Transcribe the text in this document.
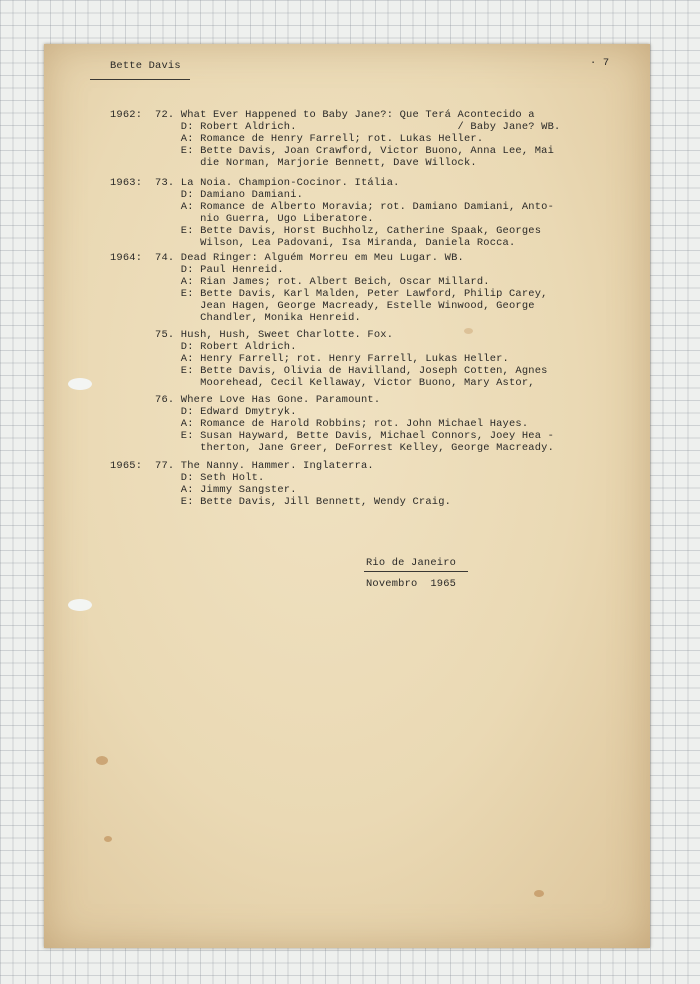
Bette Davis	· 7
1962:  72. What Ever Happened to Baby Jane?: Que Terá Acontecido a
D: Robert Aldrich.                         / Baby Jane? WB.
A: Romance de Henry Farrell; rot. Lukas Heller.
E: Bette Davis, Joan Crawford, Victor Buono, Anna Lee, Mai
die Norman, Marjorie Bennett, Dave Willock.
1963:  73. La Noia. Champion-Cocinor. Itália.
D: Damiano Damiani.
A: Romance de Alberto Moravia; rot. Damiano Damiani, Anto-
nio Guerra, Ugo Liberatore.
E: Bette Davis, Horst Buchholz, Catherine Spaak, Georges
Wilson, Lea Padovani, Isa Miranda, Daniela Rocca.
1964:  74. Dead Ringer: Alguém Morreu em Meu Lugar. WB.
D: Paul Henreid.
A: Rian James; rot. Albert Beich, Oscar Millard.
E: Bette Davis, Karl Malden, Peter Lawford, Philip Carey,
Jean Hagen, George Macready, Estelle Winwood, George
Chandler, Monika Henreid.
75. Hush, Hush, Sweet Charlotte. Fox.
D: Robert Aldrich.
A: Henry Farrell; rot. Henry Farrell, Lukas Heller.
E: Bette Davis, Olivia de Havilland, Joseph Cotten, Agnes
Moorehead, Cecil Kellaway, Victor Buono, Mary Astor,
76. Where Love Has Gone. Paramount.
D: Edward Dmytryk.
A: Romance de Harold Robbins; rot. John Michael Hayes.
E: Susan Hayward, Bette Davis, Michael Connors, Joey Hea -
therton, Jane Greer, DeForrest Kelley, George Macready.
1965:  77. The Nanny. Hammer. Inglaterra.
D: Seth Holt.
A: Jimmy Sangster.
E: Bette Davis, Jill Bennett, Wendy Craig.
Rio de Janeiro
Novembro  1965
